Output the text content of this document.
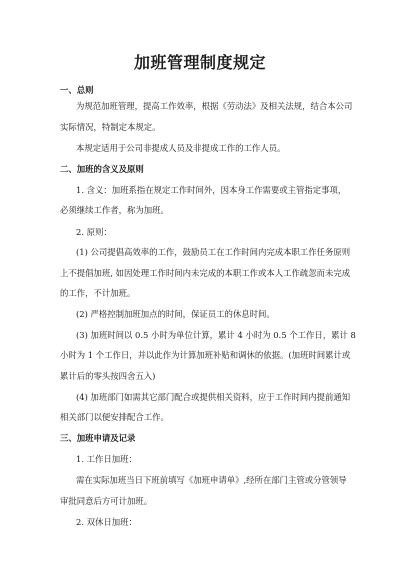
加班管理制度规定
一、总则
为规范加班管理，提高工作效率，根据《劳动法》及相关法规，结合本公司
实际情况，特制定本规定。
本规定适用于公司非提成人员及非提成工作的工作人员。
二、加班的含义及原则
1. 含义：加班系指在规定工作时间外，因本身工作需要或主管指定事项，
必须继续工作者，称为加班。
2. 原则：
(1) 公司提倡高效率的工作，鼓励员工在工作时间内完成本职工作任务原则
上不提倡加班, 如因处理工作时间内未完成的本职工作或本人工作疏忽而未完成
的工作，不计加班。
(2) 严格控制加班加点的时间，保证员工的休息时间。
(3) 加班时间以 0.5 小时为单位计算，累计 4 小时为 0.5 个工作日，累计 8
小时为 1 个工作日，并以此作为计算加班补贴和调休的依据。(加班时间累计或
累计后的零头按四舍五入)
(4) 加班部门如需其它部门配合或提供相关资料，应于工作时间内提前通知
相关部门以便安排配合工作。
三、加班申请及记录
1. 工作日加班：
需在实际加班当日下班前填写《加班申请单》,经所在部门主管或分管领导
审批同意后方可计加班。
2. 双休日加班：
